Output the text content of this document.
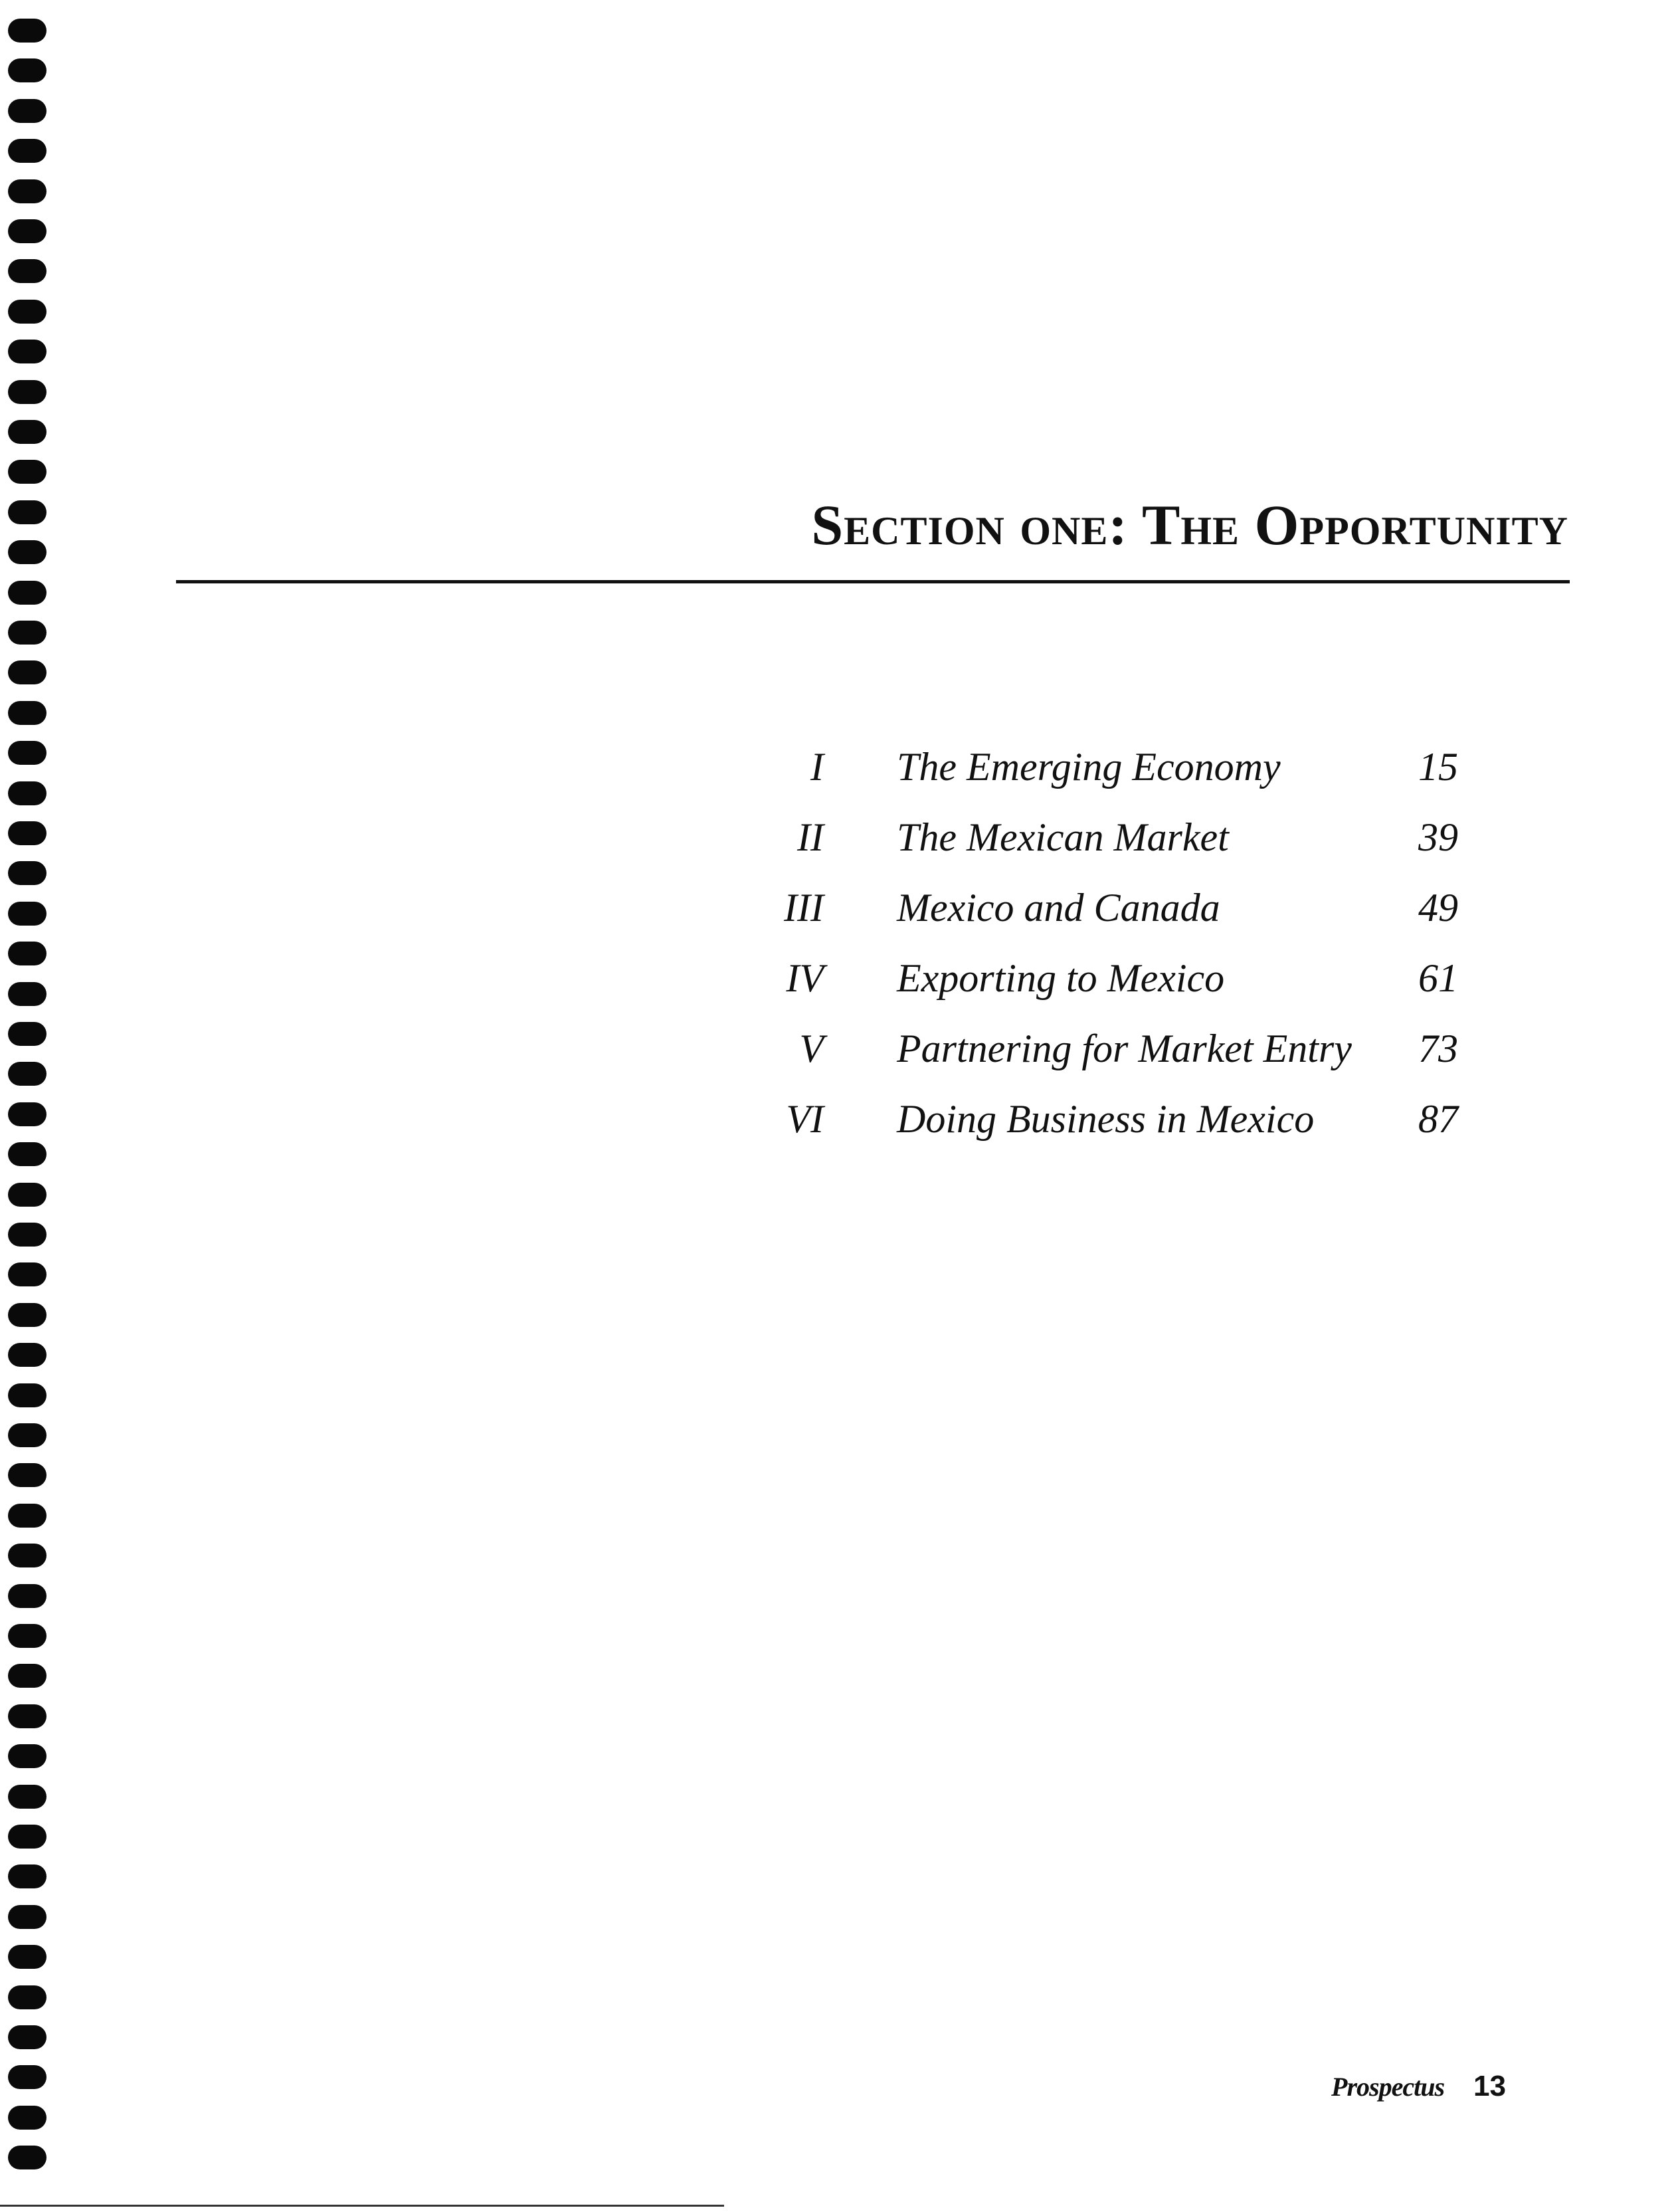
Section one: The Opportunity
I The Emerging Economy	15
II The Mexican Market	39
III Mexico and Canada	49
IV Exporting to Mexico	61
V Partnering for Market Entry 73
VI Doing Business in Mexico	87
Prospectus 13
